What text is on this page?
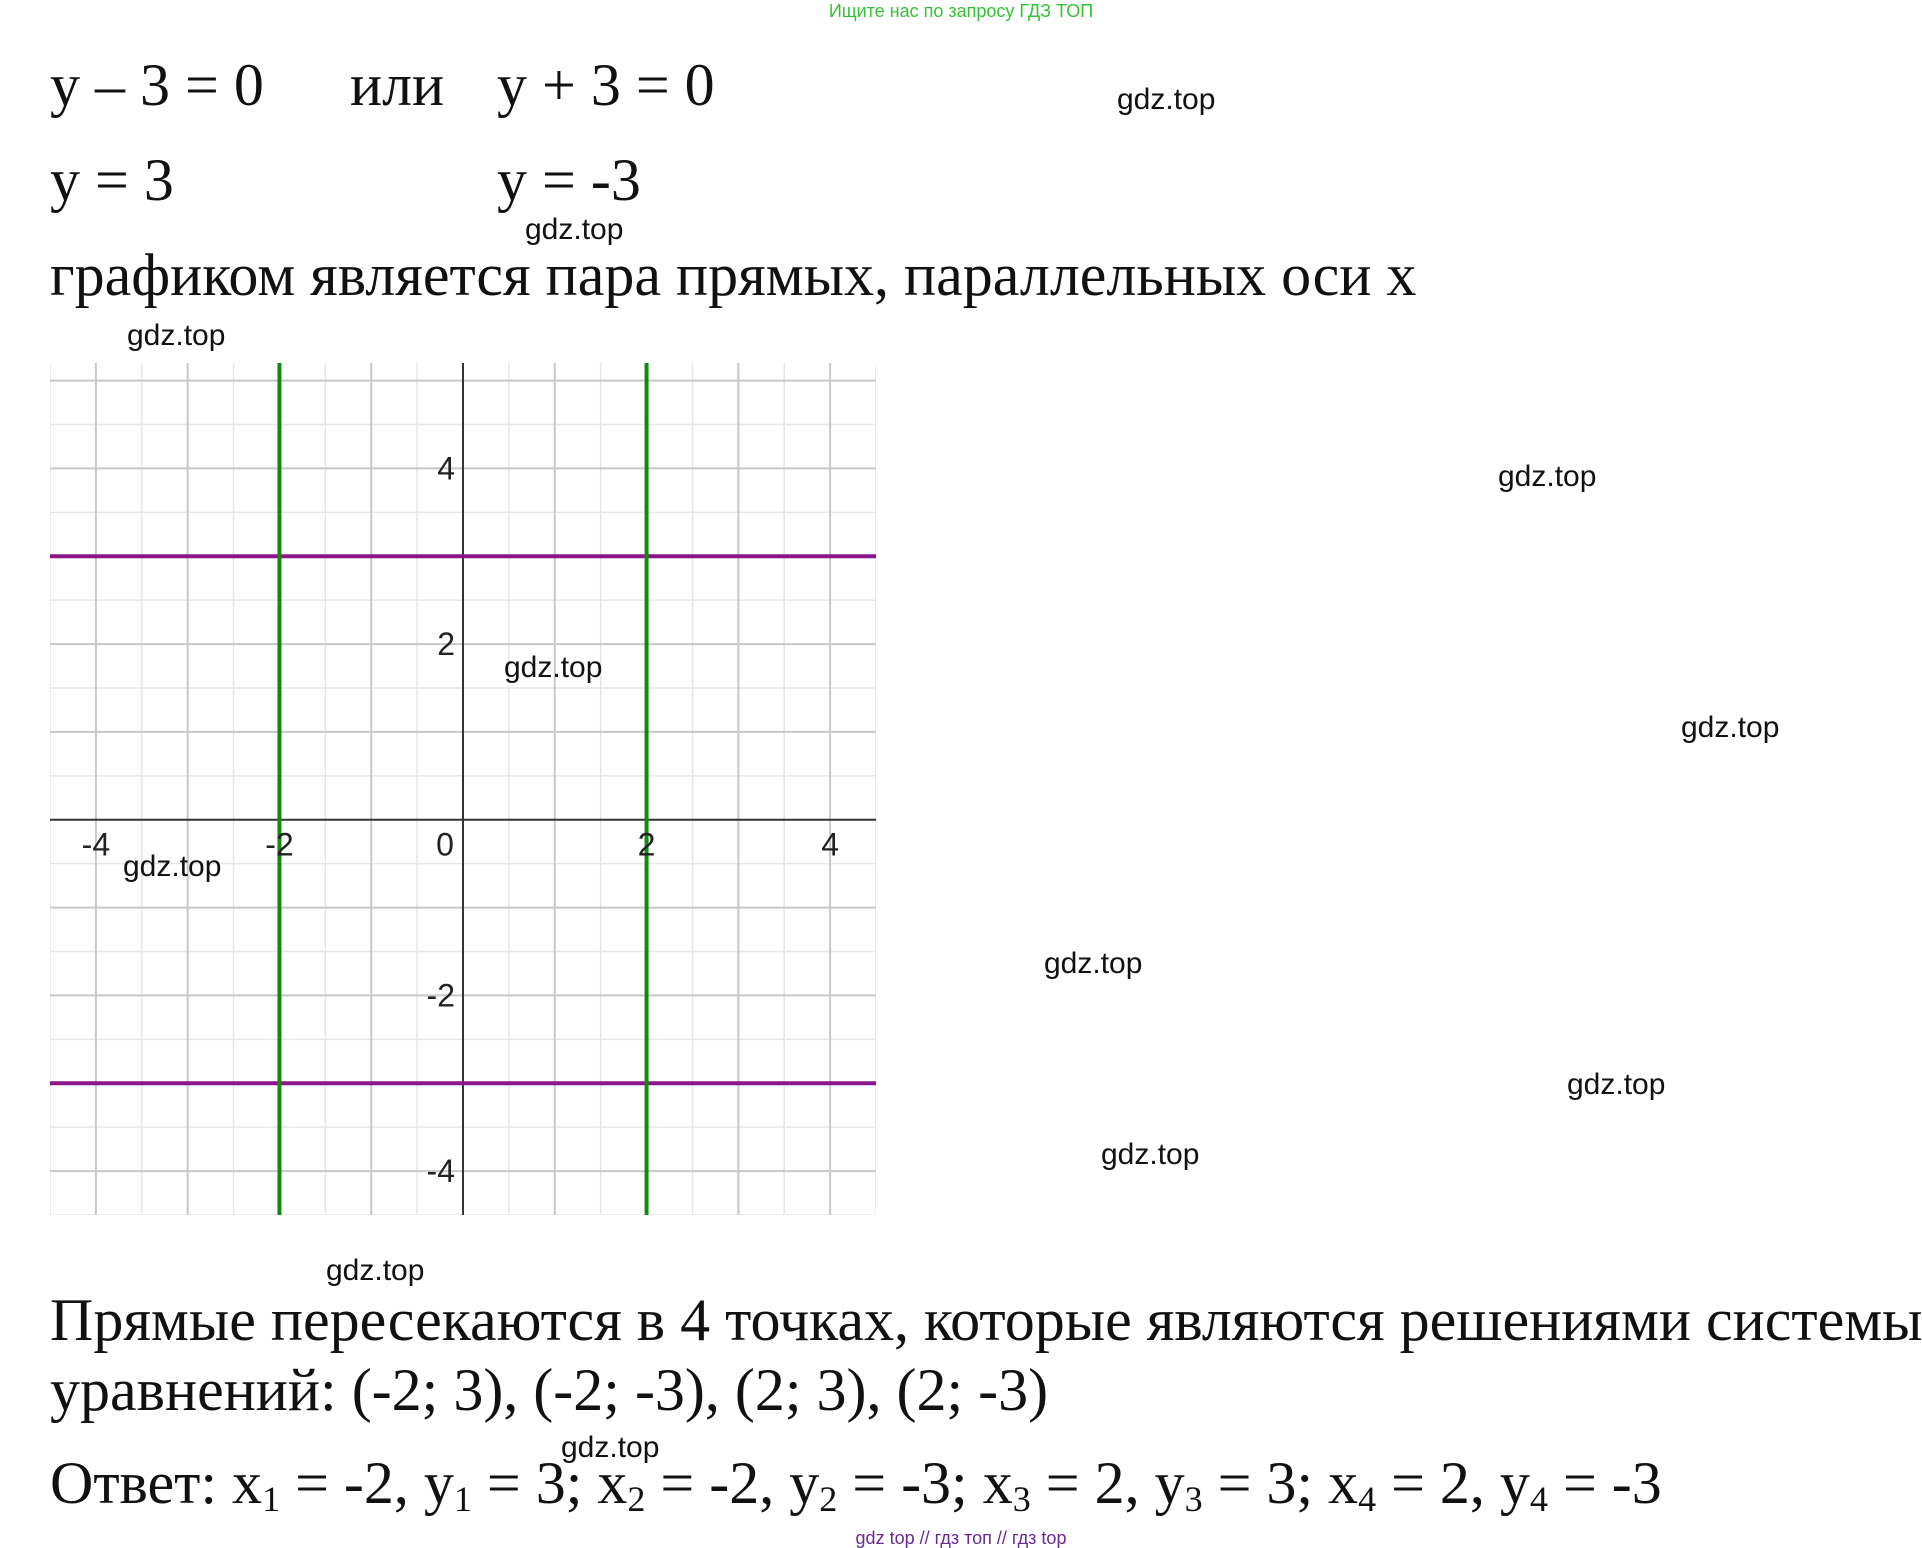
Ищите нас по запросу ГДЗ ТОП
у – 3 = 0 или у + 3 = 0
у = 3	у = -3
графиком является пара прямых, параллельных оси х
-4	-2	0	2	4
4
2
-2
-4
Прямые пересекаются в 4 точках, которые являются решениями системы
уравнений: (-2; 3), (-2; -3), (2; 3), (2; -3)
Ответ: $х_1 = -2$, $у_1 = 3$; $х_2 = -2$, $у_2 = -3$; $х_3 = 2$, $у_3 = 3$; $х_4 = 2$, $у_4 = -3$
gdz.top
gdz.top
gdz.top
gdz.top
gdz.top
gdz.top
gdz.top
gdz.top
gdz.top
gdz.top
gdz.top
gdz.top
gdz top // гдз топ // гдз top
